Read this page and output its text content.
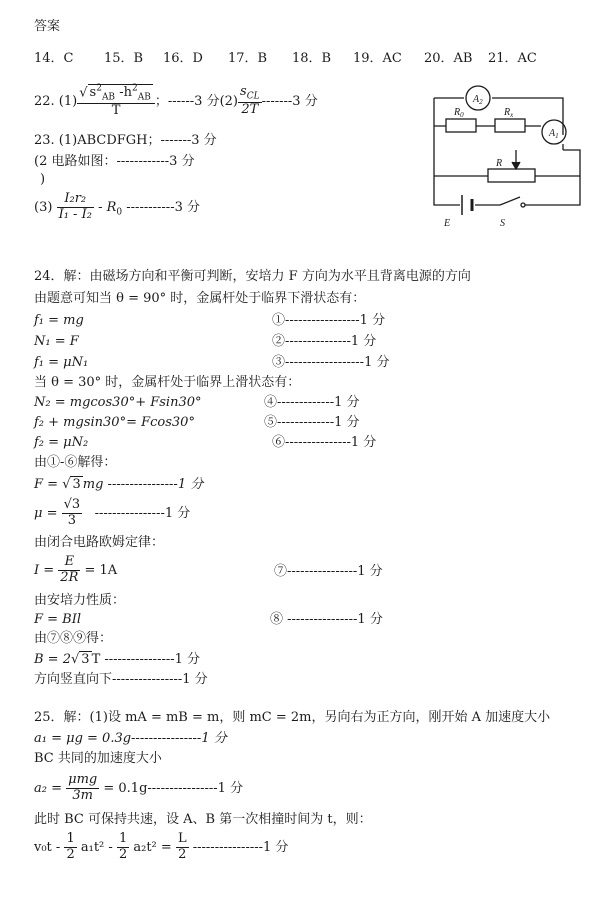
答案
14．C 15．B 16．D 17．B 18．B 19．AC 20．AB 21．AC
22. $(1) \frac{√ s^2_{AB} -h^2_{AB}}{T}$ ；------3 分$(2) \frac{s_{CL}}{2T} -------3$ 分
23. (1)ABCDFGH；-------3 分
(2 电路如图：------------3 分
)
$(3) \frac{\text{I₂r₂}}{\text{I₁ - I₂}} - R_0$ -----------3 分
$A_2$
$A_1$
$R_0$	$R_x$
R
E	S
24．解：由磁场方向和平衡可判断，安培力 F 方向为水平且背离电源的方向
由题意可知当 θ = 90° 时，金属杆处于临界下滑状态有：
f₁ = mg	①-----------------1 分
N₁ = F	②---------------1 分
f₁ = μN₁	③------------------1 分
当 θ = 30° 时，金属杆处于临界上滑状态有：
N₂ = mgcos30°+ Fsin30°	④-------------1 分
f₂ + mgsin30°= Fcos30°	⑤-------------1 分
f₂ = μN₂	⑥---------------1 分
由①-⑥解得：
F = √ 3 mg ----------------1 分
$\mu = \frac{√3}{3} ----------------1$ 分
由闭合电路欧姆定律：
$I = \frac{E}{2R} = 1A$	⑦----------------1 分
由安培力性质：
F = BIl	⑧ ----------------1 分
由⑦⑧⑨得：
B = 2√ 3 T ----------------1 分
方向竖直向下----------------1 分
25．解：(1)设 mA = mB = m，则 mC = 2m，另向右为正方向，刚开始 A 加速度大小
a₁ = μg = 0.3g----------------1 分
BC 共同的加速度大小
$a_2 = \frac{\text{μmg}}{3m} = 0.1g----------------1$ 分
此时 BC 可保持共速，设 A、B 第一次相撞时间为 t，则：
$v_0t - \frac{1}{2} a_1t^2 - \frac{1}{2} a_2t^2 = \frac{L}{2} ----------------1$ 分
